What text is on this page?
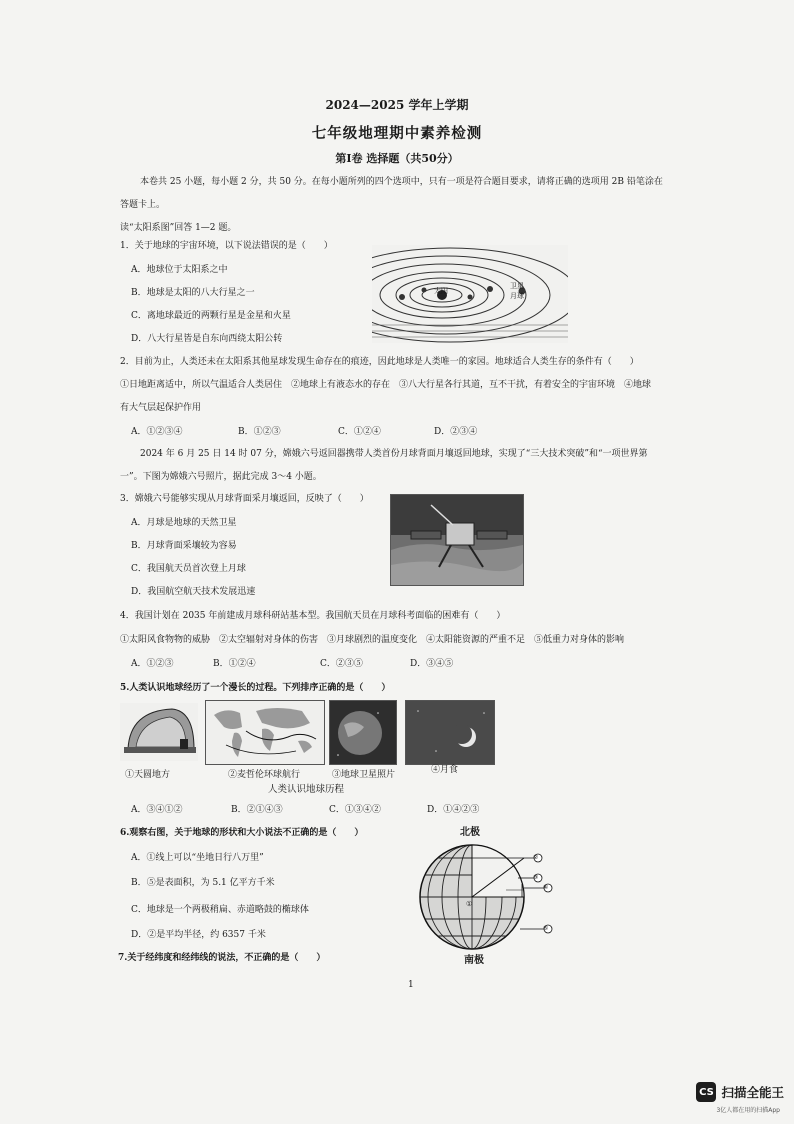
2024—2025 学年上学期
七年级地理期中素养检测
第Ⅰ卷 选择题（共50分）
本卷共 25 小题，每小题 2 分，共 50 分。在每小题所列的四个选项中，只有一项是符合题目要求，请将正确的选项用 2B 铅笔涂在
答题卡上。
读“太阳系图”回答 1—2 题。
1．关于地球的宇宙环境，以下说法错误的是（　　）
A．地球位于太阳系之中
B．地球是太阳的八大行星之一
C．离地球最近的两颗行星是金星和火星
D．八大行星皆是自东向西绕太阳公转
卫星
月球
太阳
2．目前为止，人类还未在太阳系其他星球发现生命存在的痕迹，因此地球是人类唯一的家园。地球适合人类生存的条件有（　　）
①日地距离适中，所以气温适合人类居住　②地球上有液态水的存在　③八大行星各行其道，互不干扰，有着安全的宇宙环境　④地球
有大气层起保护作用
A．①②③④	B．①②③	C．①②④	D．②③④
2024 年 6 月 25 日 14 时 07 分，嫦娥六号返回器携带人类首份月球背面月壤返回地球，实现了“三大技术突破”和“一项世界第
一”。下图为嫦娥六号照片，据此完成 3～4 小题。
3．嫦娥六号能够实现从月球背面采月壤返回，反映了（　　）
A．月球是地球的天然卫星
B．月球背面采壤较为容易
C．我国航天员首次登上月球
D．我国航空航天技术发展迅速
4．我国计划在 2035 年前建成月球科研站基本型。我国航天员在月球科考面临的困难有（　　）
①太阳风食物物的威胁　②太空辐射对身体的伤害　③月球剧烈的温度变化　④太阳能资源的严重不足　⑤低重力对身体的影响
A．①②③	B．①②④	C．②③⑤	D．③④⑤
5.人类认识地球经历了一个漫长的过程。下列排序正确的是（　　）
①天圆地方	②麦哲伦环球航行	③地球卫星照片	④月食
人类认识地球历程
A．③④①②	B．②①④③	C．①③④②	D．①④②③
6.观察右图，关于地球的形状和大小说法不正确的是（　　）
A．①线上可以“坐地日行八万里”
B．⑤是表面积，为 5.1 亿平方千米
C．地球是一个两极稍扁、赤道略鼓的椭球体
D．②是平均半径，约 6357 千米
北极
②
③
④
⑤
①
南极
7.关于经纬度和经纬线的说法，不正确的是（　　）
1
CS 扫描全能王
3亿人都在用的扫描App
